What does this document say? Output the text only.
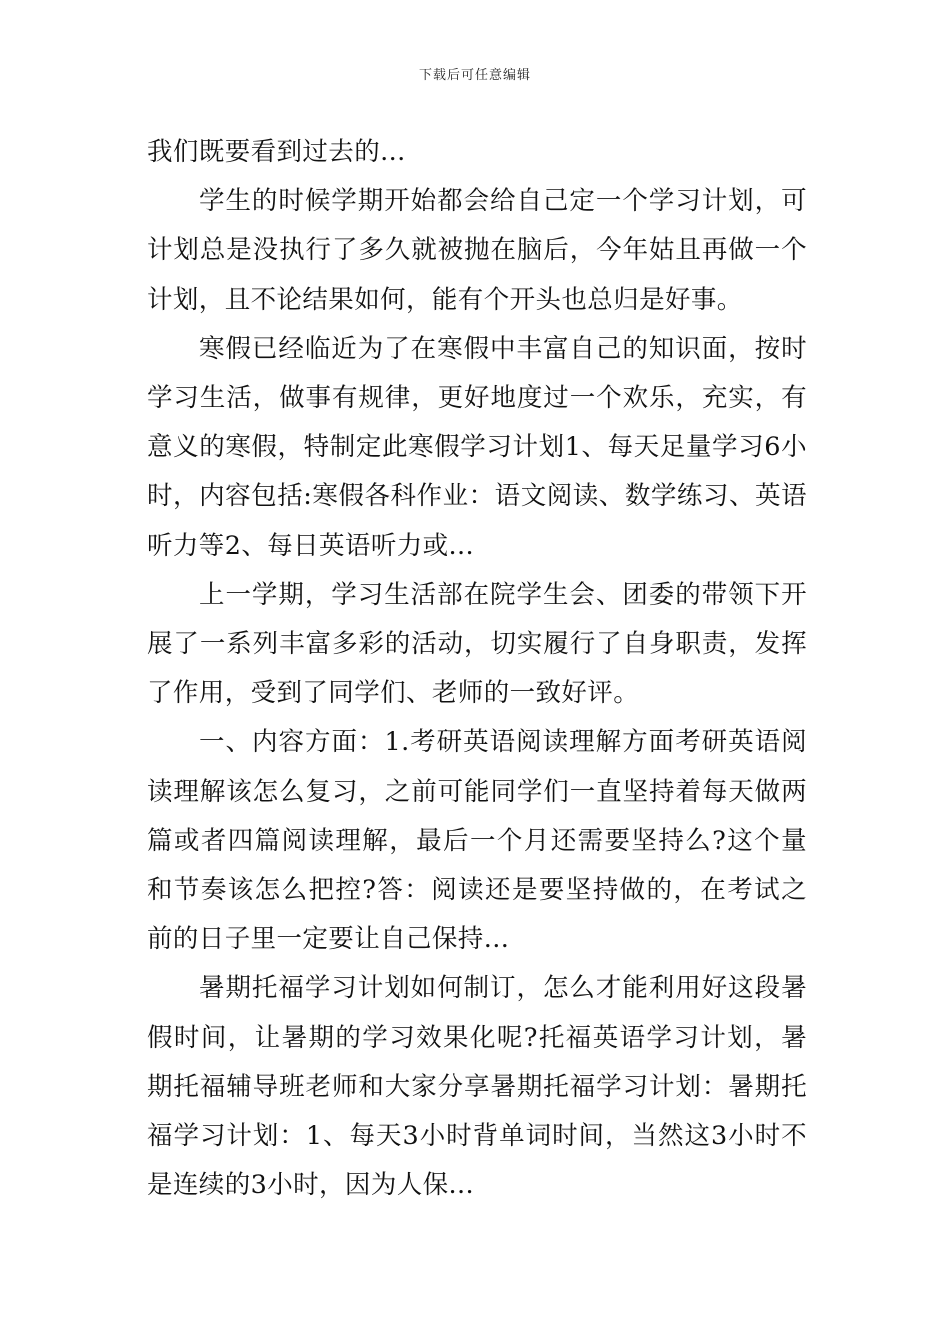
下载后可任意编辑

我们既要看到过去的...

学生的时候学期开始都会给自己定一个学习计划，可计划总是没执行了多久就被抛在脑后，今年姑且再做一个计划，且不论结果如何，能有个开头也总归是好事。

寒假已经临近为了在寒假中丰富自己的知识面，按时学习生活，做事有规律，更好地度过一个欢乐，充实，有意义的寒假，特制定此寒假学习计划1、每天足量学习6小时，内容包括:寒假各科作业：语文阅读、数学练习、英语听力等2、每日英语听力或...

上一学期，学习生活部在院学生会、团委的带领下开展了一系列丰富多彩的活动，切实履行了自身职责，发挥了作用，受到了同学们、老师的一致好评。

一、内容方面：1.考研英语阅读理解方面考研英语阅读理解该怎么复习，之前可能同学们一直坚持着每天做两篇或者四篇阅读理解，最后一个月还需要坚持么?这个量和节奏该怎么把控?答：阅读还是要坚持做的，在考试之前的日子里一定要让自己保持...

暑期托福学习计划如何制订，怎么才能利用好这段暑假时间，让暑期的学习效果化呢?托福英语学习计划，暑期托福辅导班老师和大家分享暑期托福学习计划：暑期托福学习计划：1、每天3小时背单词时间，当然这3小时不是连续的3小时，因为人保...
